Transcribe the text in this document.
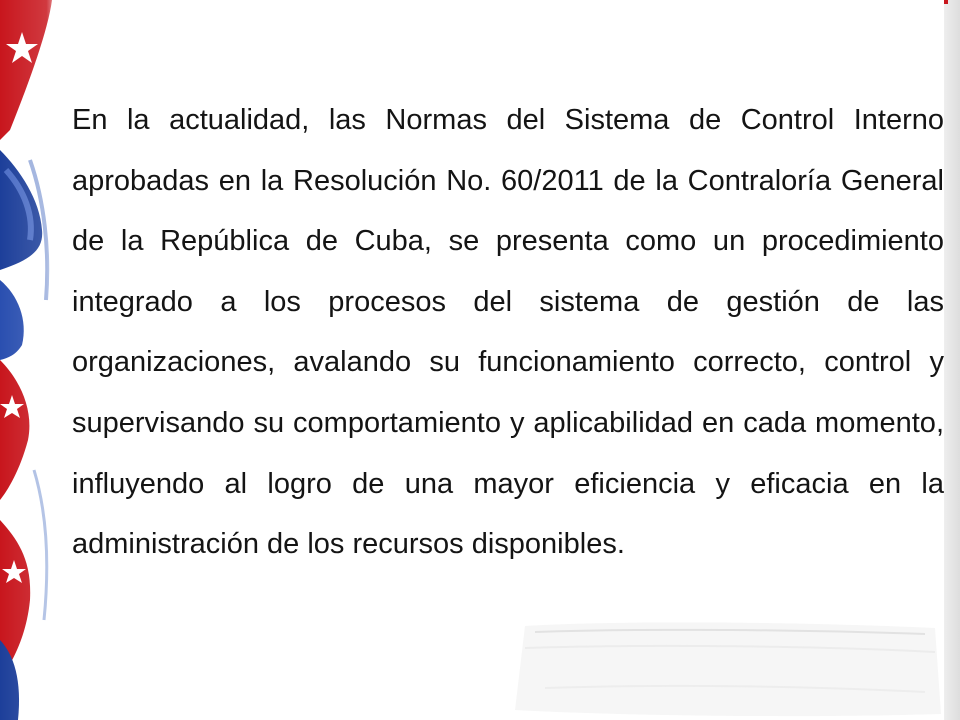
En la actualidad, las Normas del Sistema de Control Interno aprobadas en la Resolución No. 60/2011 de la Contraloría General de la República de Cuba, se presenta como un procedimiento integrado a los procesos del sistema de gestión de las organizaciones, avalando su funcionamiento correcto, control y supervisando su comportamiento y aplicabilidad en cada momento, influyendo al logro de una mayor eficiencia y eficacia en la administración de los recursos disponibles.
